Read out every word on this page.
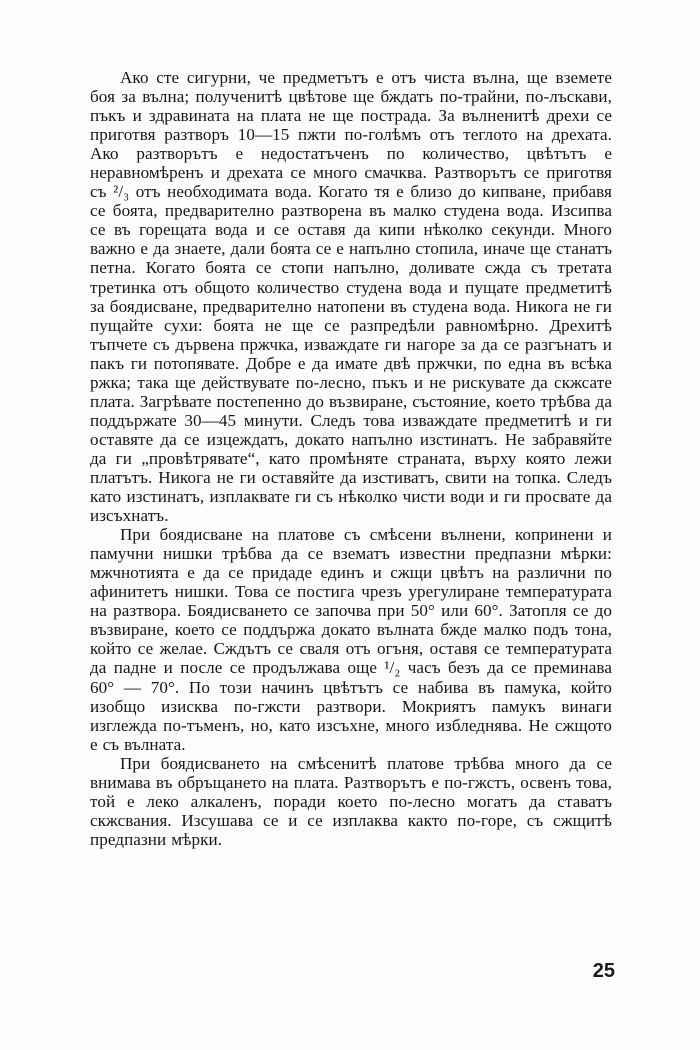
Ако сте сигурни, че предметътъ е отъ чиста вълна, ще вземете боя за вълна; полученитѣ цвѣтове ще бждатъ по-трайни, по-лъскави, пъкъ и здравината на плата не ще пострада. За вълненитѣ дрехи се приготвя разтворъ 10—15 пжти по-голѣмъ отъ теглото на дрехата. Ако разтворътъ е недостатъченъ по количество, цвѣтътъ е неравномѣренъ и дрехата се много смачква. Разтворътъ се приготвя съ ²/₃ отъ необходимата вода. Когато тя е близо до кипване, прибавя се боята, предварително разтворена въ малко студена вода. Изсипва се въ горещата вода и се оставя да кипи нѣколко секунди. Много важно е да знаете, дали боята се е напълно стопила, иначе ще станатъ петна. Когато боята се стопи напълно, доливате сжда съ третата третинка отъ общото количество студена вода и пущате предметитѣ за боядисване, предварително натопени въ студена вода. Никога не ги пущайте сухи: боята не ще се разпредѣли равномѣрно. Дрехитѣ тъпчете съ дървена пржчка, изваждате ги нагоре за да се разгънатъ и пакъ ги потопявате. Добре е да имате двѣ пржчки, по една въ всѣка ржка; така ще действувате по-лесно, пъкъ и не рискувате да скжсате плата. Загрѣвате постепенно до възвиране, състояние, което трѣбва да поддържате 30—45 минути. Следъ това изваждате предметитѣ и ги оставяте да се изцеждатъ, докато напълно изстинатъ. Не забравяйте да ги „провѣтрявате“, като промѣняте страната, върху която лежи платътъ. Никога не ги оставяйте да изстиватъ, свити на топка. Следъ като изстинатъ, изплаквате ги съ нѣколко чисти води и ги просвате да изсъхнатъ.

При боядисване на платове съ смѣсени вълнени, копринени и памучни нишки трѣбва да се взематъ известни предпазни мѣрки: мжчнотията е да се придаде единъ и сжщи цвѣтъ на различни по афинитетъ нишки. Това се постига чрезъ урегулиране температурата на разтвора. Боядисването се започва при 50° или 60°. Затопля се до възвиране, което се поддържа докато вълната бжде малко подъ тона, който се желае. Сждътъ се сваля отъ огъня, оставя се температурата да падне и после се продължава още ¹/₂ часъ безъ да се преминава 60° — 70°. По този начинъ цвѣтътъ се набива въ памука, който изобщо изисква по-гжсти разтвори. Мокриятъ памукъ винаги изглежда по-тъменъ, но, като изсъхне, много избледнява. Не сжщото е съ вълната.

При боядисването на смѣсенитѣ платове трѣбва много да се внимава въ обръщането на плата. Разтворътъ е по-гжстъ, освенъ това, той е леко алкаленъ, поради което по-лесно могатъ да ставатъ скжсвания. Изсушава се и се изплаква както по-горе, съ сжщитѣ предпазни мѣрки.

25
